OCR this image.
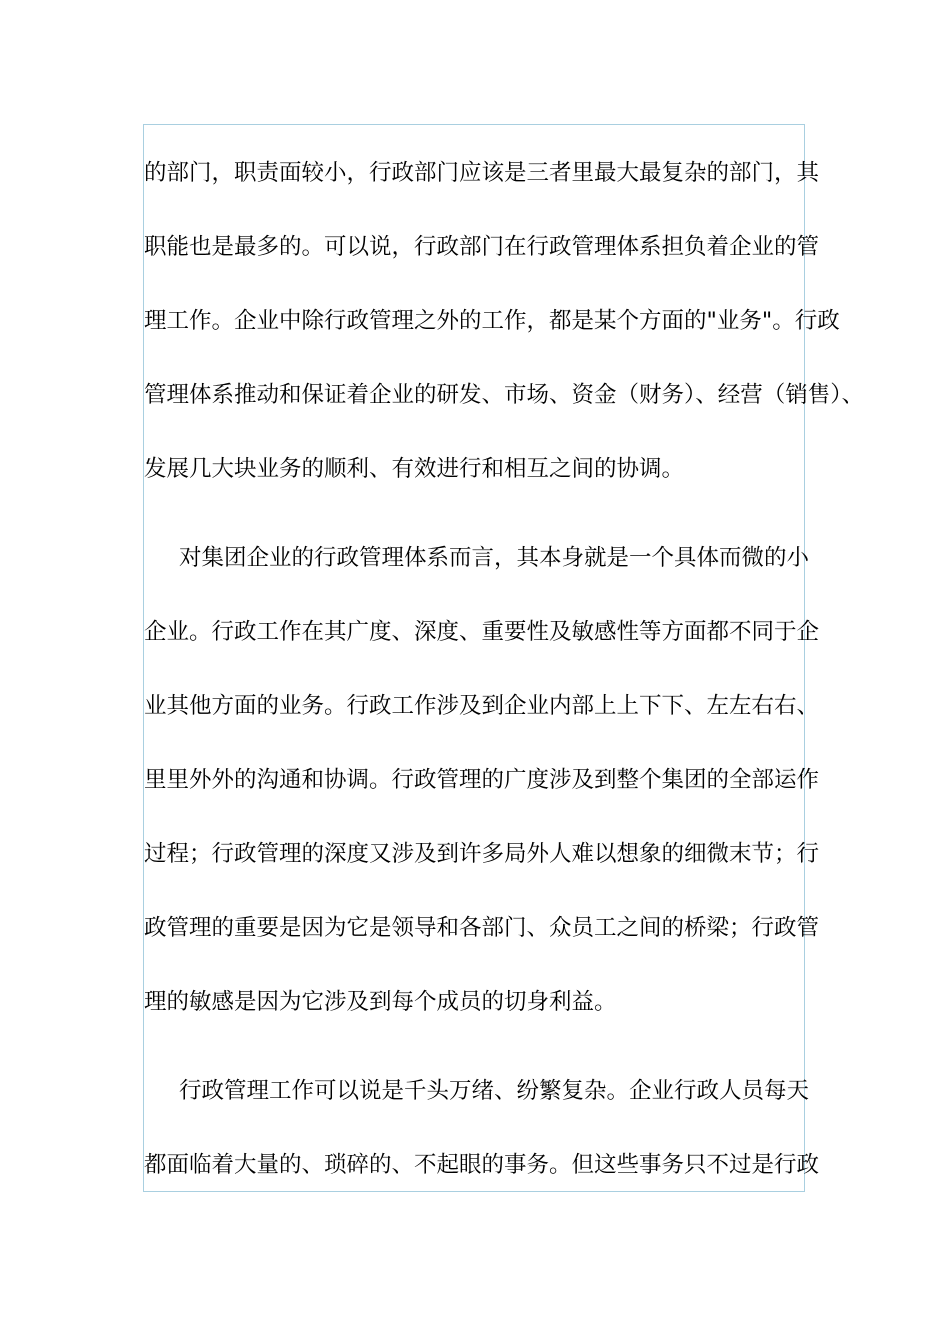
的部门，职责面较小，行政部门应该是三者里最大最复杂的部门，其
职能也是最多的。可以说，行政部门在行政管理体系担负着企业的管
理工作。企业中除行政管理之外的工作，都是某个方面的"业务"。行政
管理体系推动和保证着企业的研发、市场、资金（财务）、经营（销售）、
发展几大块业务的顺利、有效进行和相互之间的协调。
对集团企业的行政管理体系而言，其本身就是一个具体而微的小
企业。行政工作在其广度、深度、重要性及敏感性等方面都不同于企
业其他方面的业务。行政工作涉及到企业内部上上下下、左左右右、
里里外外的沟通和协调。行政管理的广度涉及到整个集团的全部运作
过程；行政管理的深度又涉及到许多局外人难以想象的细微末节；行
政管理的重要是因为它是领导和各部门、众员工之间的桥梁；行政管
理的敏感是因为它涉及到每个成员的切身利益。
行政管理工作可以说是千头万绪、纷繁复杂。企业行政人员每天
都面临着大量的、琐碎的、不起眼的事务。但这些事务只不过是行政
